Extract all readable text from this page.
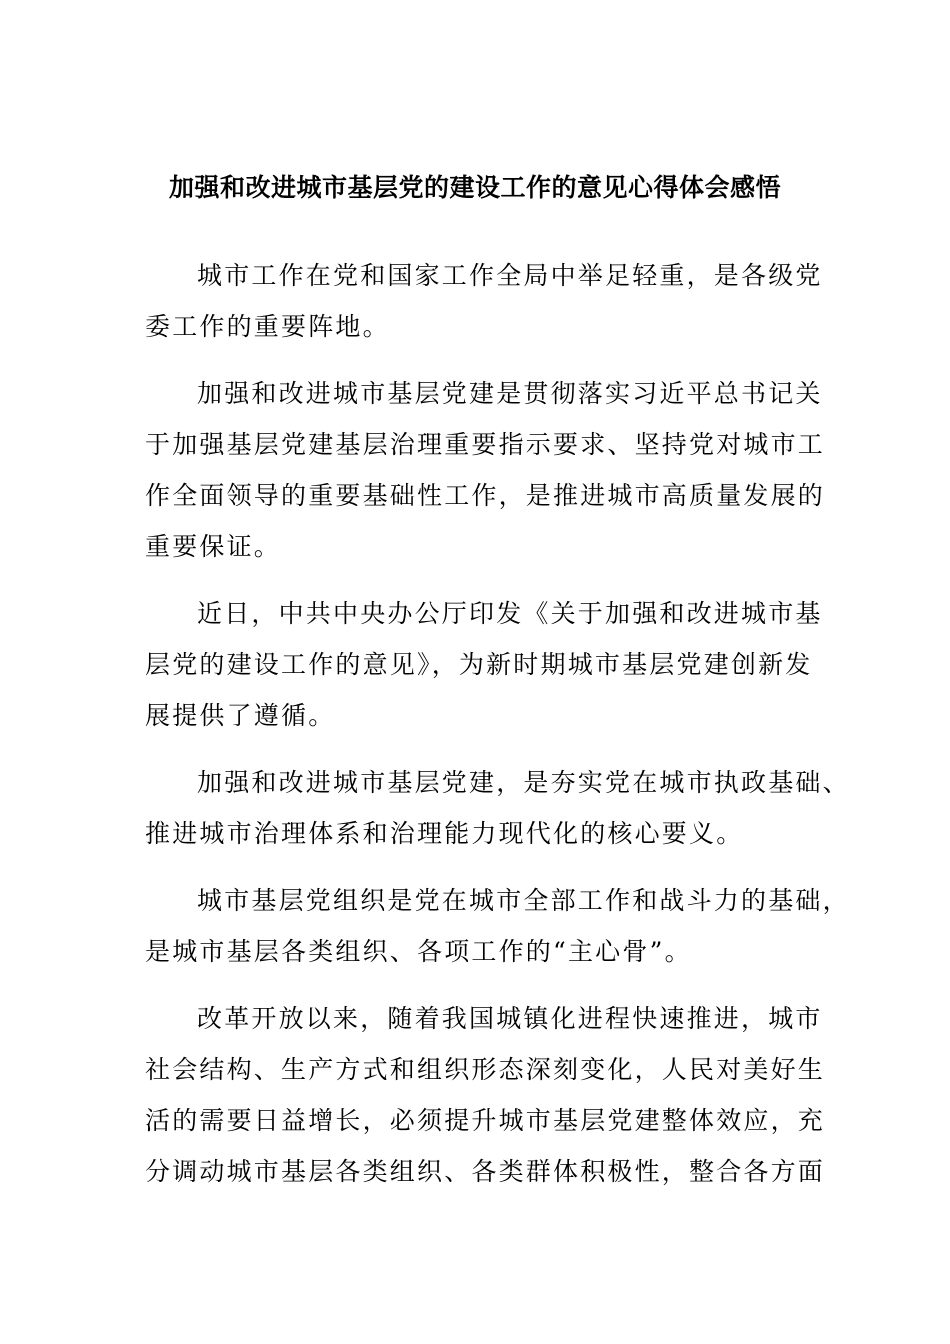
加强和改进城市基层党的建设工作的意见心得体会感悟

城市工作在党和国家工作全局中举足轻重，是各级党
委工作的重要阵地。

加强和改进城市基层党建是贯彻落实习近平总书记关
于加强基层党建基层治理重要指示要求、坚持党对城市工
作全面领导的重要基础性工作，是推进城市高质量发展的
重要保证。

近日，中共中央办公厅印发《关于加强和改进城市基
层党的建设工作的意见》，为新时期城市基层党建创新发
展提供了遵循。

加强和改进城市基层党建，是夯实党在城市执政基础、
推进城市治理体系和治理能力现代化的核心要义。

城市基层党组织是党在城市全部工作和战斗力的基础，
是城市基层各类组织、各项工作的“主心骨”。

改革开放以来，随着我国城镇化进程快速推进，城市
社会结构、生产方式和组织形态深刻变化，人民对美好生
活的需要日益增长，必须提升城市基层党建整体效应，充
分调动城市基层各类组织、各类群体积极性，整合各方面
